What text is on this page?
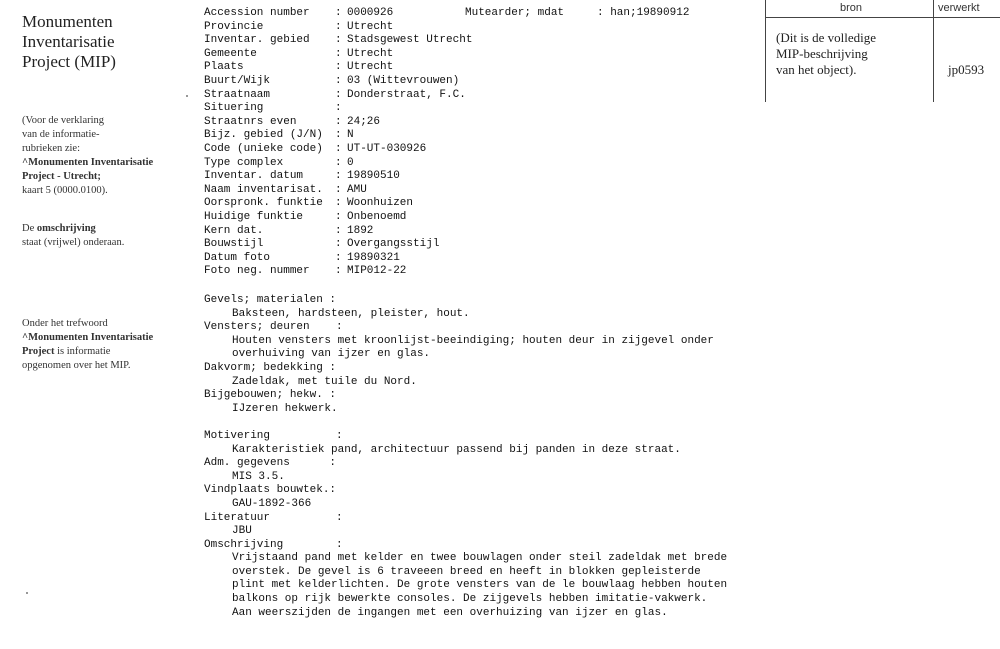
Monumenten
Inventarisatie
Project (MIP)
(Voor de verklaring
van de informatie-
rubrieken zie:
^Monumenten Inventarisatie
Project - Utrecht;
kaart 5 (0000.0100).
De omschrijving
staat (vrijwel) onderaan.
Onder het trefwoord
^Monumenten Inventarisatie
Project is informatie
opgenomen over het MIP.
bron	verwerkt
(Dit is de volledige
MIP-beschrijving
van het object).	jp0593
Accession number : 0000926	Mutearder; mdat	: han;19890912
Provincie	: Utrecht
Inventar. gebied : Stadsgewest Utrecht
Gemeente	: Utrecht
Plaats	: Utrecht
Buurt/Wijk	: 03 (Wittevrouwen)
Straatnaam	: Donderstraat, F.C.
Situering	:
Straatnrs even	: 24;26
Bijz. gebied (J/N) : N
Code (unieke code) : UT-UT-030926
Type complex	: 0
Inventar. datum	: 19890510
Naam inventarisat. : AMU
Oorspronk. funktie : Woonhuizen
Huidige funktie	: Onbenoemd
Kern dat.	: 1892
Bouwstijl	: Overgangsstijl
Datum foto	: 19890321
Foto neg. nummer : MIP012-22
Gevels; materialen :
Baksteen, hardsteen, pleister, hout.
Vensters; deuren    :
Houten vensters met kroonlijst-beeindiging; houten deur in zijgevel onder
overhuiving van ijzer en glas.
Dakvorm; bedekking :
Zadeldak, met tuile du Nord.
Bijgebouwen; hekw. :
IJzeren hekwerk.
Motivering          :
Karakteristiek pand, architectuur passend bij panden in deze straat.
Adm. gegevens      :
MIS 3.5.
Vindplaats bouwtek.:
GAU-1892-366
Literatuur          :
JBU
Omschrijving        :
Vrijstaand pand met kelder en twee bouwlagen onder steil zadeldak met brede
overstek. De gevel is 6 traveeen breed en heeft in blokken gepleisterde
plint met kelderlichten. De grote vensters van de le bouwlaag hebben houten
balkons op rijk bewerkte consoles. De zijgevels hebben imitatie-vakwerk.
Aan weerszijden de ingangen met een overhuizing van ijzer en glas.
